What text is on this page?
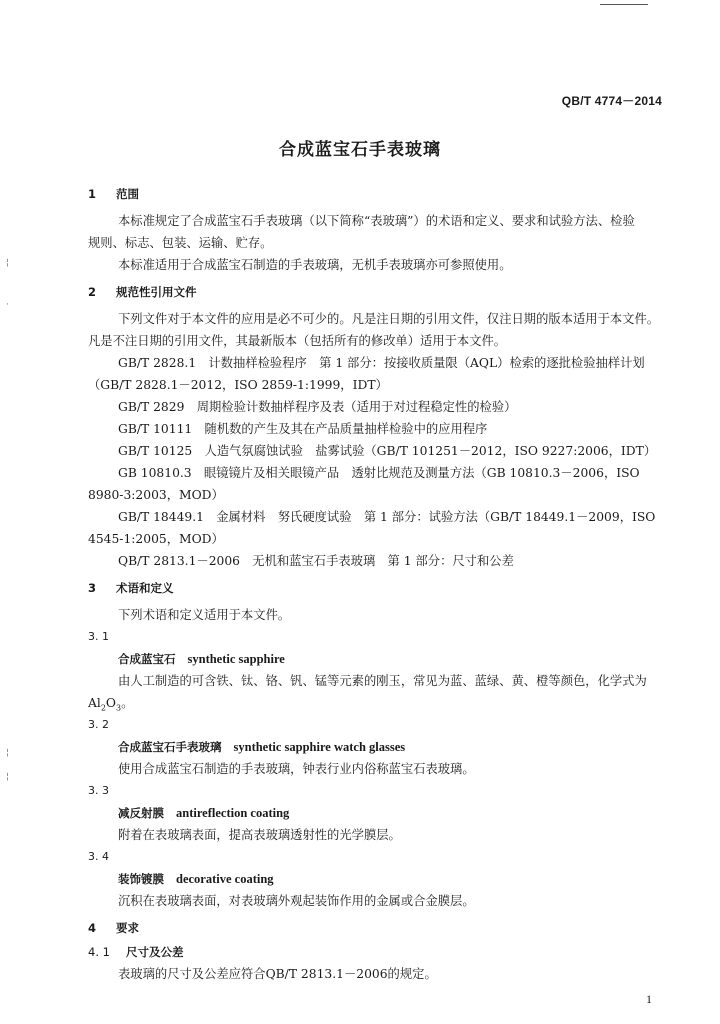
QB/T 4774－2014
合成蓝宝石手表玻璃
1 范围
本标准规定了合成蓝宝石手表玻璃（以下简称“表玻璃”）的术语和定义、要求和试验方法、检验
规则、标志、包装、运输、贮存。
本标准适用于合成蓝宝石制造的手表玻璃，无机手表玻璃亦可参照使用。
2 规范性引用文件
下列文件对于本文件的应用是必不可少的。凡是注日期的引用文件，仅注日期的版本适用于本文件。
凡是不注日期的引用文件，其最新版本（包括所有的修改单）适用于本文件。
GB/T 2828.1　计数抽样检验程序　第 1 部分：按接收质量限（AQL）检索的逐批检验抽样计划
（GB/T 2828.1－2012，ISO 2859-1:1999，IDT）
GB/T 2829　周期检验计数抽样程序及表（适用于对过程稳定性的检验）
GB/T 10111　随机数的产生及其在产品质量抽样检验中的应用程序
GB/T 10125　人造气氛腐蚀试验　盐雾试验（GB/T 101251－2012，ISO 9227:2006，IDT）
GB 10810.3　眼镜镜片及相关眼镜产品　透射比规范及测量方法（GB 10810.3－2006，ISO
8980-3:2003，MOD）
GB/T 18449.1　金属材料　努氏硬度试验　第 1 部分：试验方法（GB/T 18449.1－2009，ISO
4545-1:2005，MOD）
QB/T 2813.1－2006　无机和蓝宝石手表玻璃　第 1 部分：尺寸和公差
3 术语和定义
下列术语和定义适用于本文件。
3. 1
合成蓝宝石 synthetic sapphire
由人工制造的可含铁、钛、铬、钒、锰等元素的刚玉，常见为蓝、蓝绿、黄、橙等颜色，化学式为
$Al_2O_3$。
3. 2
合成蓝宝石手表玻璃 synthetic sapphire watch glasses
使用合成蓝宝石制造的手表玻璃，钟表行业内俗称蓝宝石表玻璃。
3. 3
减反射膜 antireflection coating
附着在表玻璃表面，提高表玻璃透射性的光学膜层。
3. 4
装饰镀膜 decorative coating
沉积在表玻璃表面，对表玻璃外观起装饰作用的金属或合金膜层。
4 要求
4. 1 尺寸及公差
表玻璃的尺寸及公差应符合QB/T 2813.1－2006的规定。
1
¦
·
¦
¦
